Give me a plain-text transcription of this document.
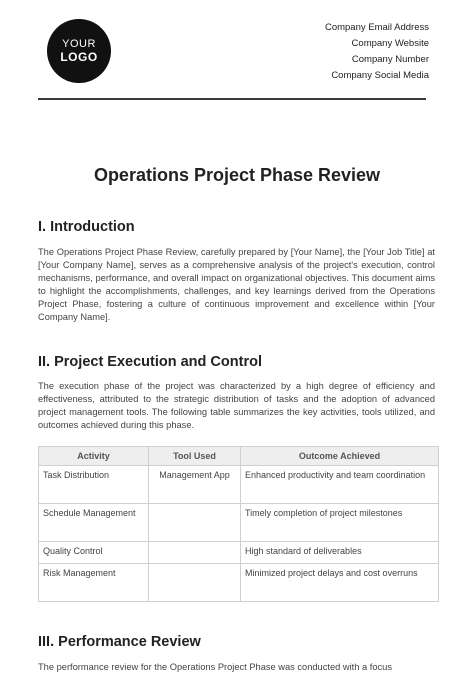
YOUR
LOGO
Company Email Address
Company Website
Company Number
Company Social Media
Operations Project Phase Review
I. Introduction

The Operations Project Phase Review, carefully prepared by [Your Name], the [Your Job Title] at [Your Company Name], serves as a comprehensive analysis of the project's execution, control mechanisms, performance, and overall impact on organizational objectives. This document aims to highlight the accomplishments, challenges, and key learnings derived from the Operations Project Phase, fostering a culture of continuous improvement and excellence within [Your Company Name].

II. Project Execution and Control

The execution phase of the project was characterized by a high degree of efficiency and effectiveness, attributed to the strategic distribution of tasks and the adoption of advanced project management tools. The following table summarizes the key activities, tools utilized, and outcomes achieved during this phase.

Activity	Tool Used	Outcome Achieved
Task Distribution	Management App	Enhanced productivity and team coordination
Schedule Management		Timely completion of project milestones
Quality Control		High standard of deliverables
Risk Management		Minimized project delays and cost overruns
III. Performance Review

The performance review for the Operations Project Phase was conducted with a focus
